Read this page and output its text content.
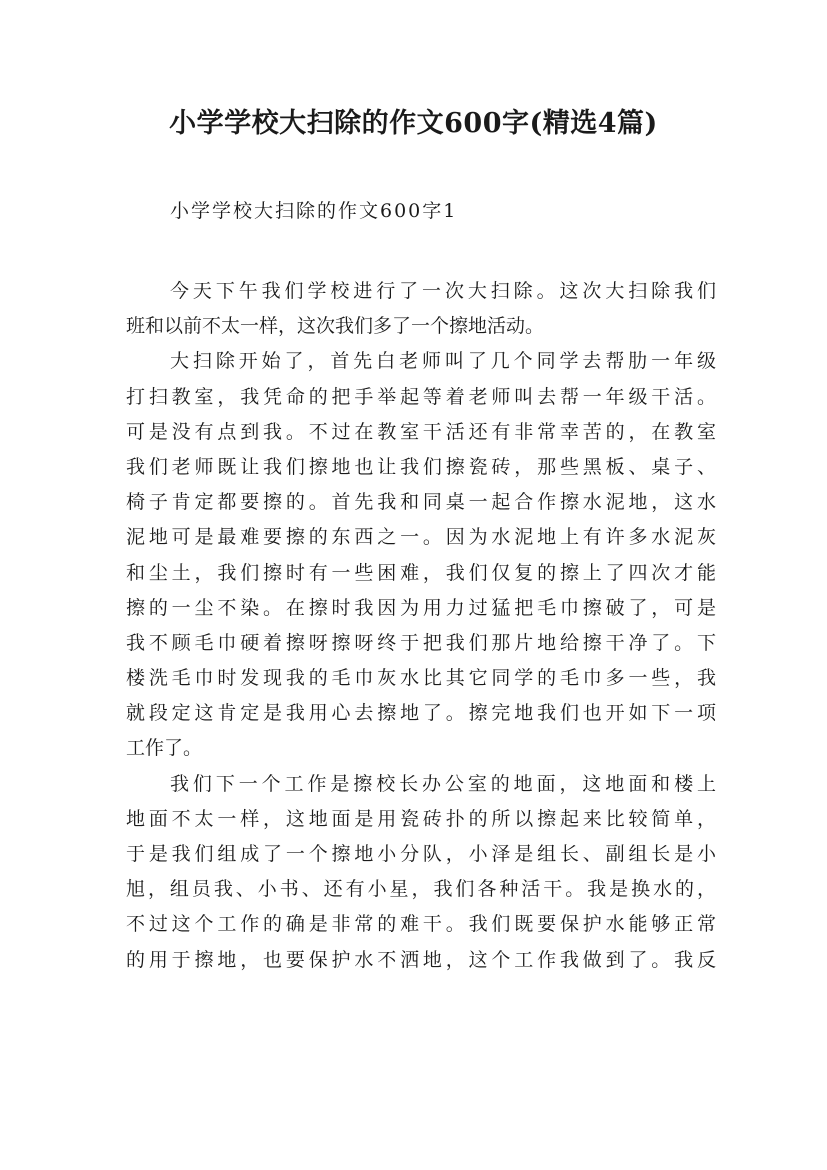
小学学校大扫除的作文600字(精选4篇)
小学学校大扫除的作文600字1
今天下午我们学校进行了一次大扫除。这次大扫除我们
班和以前不太一样，这次我们多了一个擦地活动。
大扫除开始了，首先白老师叫了几个同学去帮肋一年级
打扫教室，我凭命的把手举起等着老师叫去帮一年级干活。
可是没有点到我。不过在教室干活还有非常幸苦的，在教室
我们老师既让我们擦地也让我们擦瓷砖，那些黑板、桌子、
椅子肯定都要擦的。首先我和同桌一起合作擦水泥地，这水
泥地可是最难要擦的东西之一。因为水泥地上有许多水泥灰
和尘土，我们擦时有一些困难，我们仅复的擦上了四次才能
擦的一尘不染。在擦时我因为用力过猛把毛巾擦破了，可是
我不顾毛巾硬着擦呀擦呀终于把我们那片地给擦干净了。下
楼洗毛巾时发现我的毛巾灰水比其它同学的毛巾多一些，我
就段定这肯定是我用心去擦地了。擦完地我们也开如下一项
工作了。
我们下一个工作是擦校长办公室的地面，这地面和楼上
地面不太一样，这地面是用瓷砖扑的所以擦起来比较简单，
于是我们组成了一个擦地小分队，小泽是组长、副组长是小
旭，组员我、小书、还有小星，我们各种活干。我是换水的，
不过这个工作的确是非常的难干。我们既要保护水能够正常
的用于擦地，也要保护水不洒地，这个工作我做到了。我反
